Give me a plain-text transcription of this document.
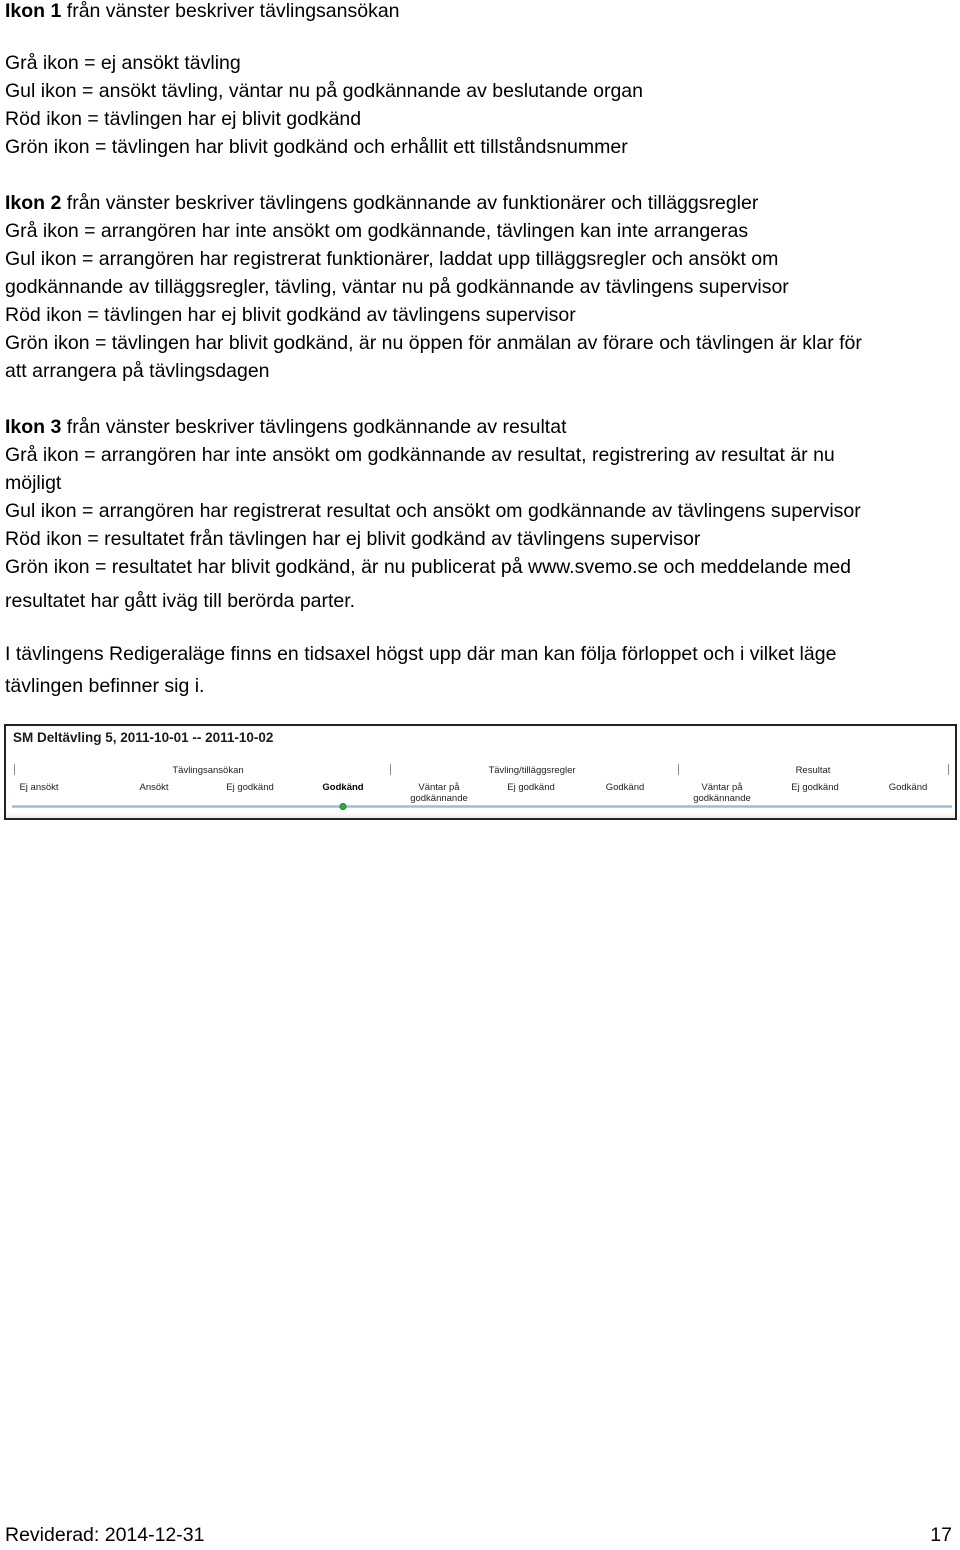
Ikon 1 från vänster beskriver tävlingsansökan
Grå ikon = ej ansökt tävling
Gul ikon = ansökt tävling, väntar nu på godkännande av beslutande organ
Röd ikon = tävlingen har ej blivit godkänd
Grön ikon = tävlingen har blivit godkänd och erhållit ett tillståndsnummer
Ikon 2 från vänster beskriver tävlingens godkännande av funktionärer och tilläggsregler
Grå ikon = arrangören har inte ansökt om godkännande, tävlingen kan inte arrangeras
Gul ikon = arrangören har registrerat funktionärer, laddat upp tilläggsregler och ansökt om
godkännande av tilläggsregler, tävling, väntar nu på godkännande av tävlingens supervisor
Röd ikon = tävlingen har ej blivit godkänd av tävlingens supervisor
Grön ikon = tävlingen har blivit godkänd, är nu öppen för anmälan av förare och tävlingen är klar för
att arrangera på tävlingsdagen
Ikon 3 från vänster beskriver tävlingens godkännande av resultat
Grå ikon = arrangören har inte ansökt om godkännande av resultat, registrering av resultat är nu
möjligt
Gul ikon = arrangören har registrerat resultat och ansökt om godkännande av tävlingens supervisor
Röd ikon = resultatet från tävlingen har ej blivit godkänd av tävlingens supervisor
Grön ikon = resultatet har blivit godkänd, är nu publicerat på www.svemo.se och meddelande med
resultatet har gått iväg till berörda parter.
I tävlingens Redigeraläge finns en tidsaxel högst upp där man kan följa förloppet och i vilket läge
tävlingen befinner sig i.
SM Deltävling 5, 2011-10-01 -- 2011-10-02
Tävlingsansökan	Tävling/tilläggsregler	Resultat
Ej ansökt	Ansökt	Ej godkänd	Godkänd	Väntar på
godkännande
Ej godkänd	Godkänd	Väntar på
godkännande
Ej godkänd	Godkänd
Reviderad: 2014-12-31	17
